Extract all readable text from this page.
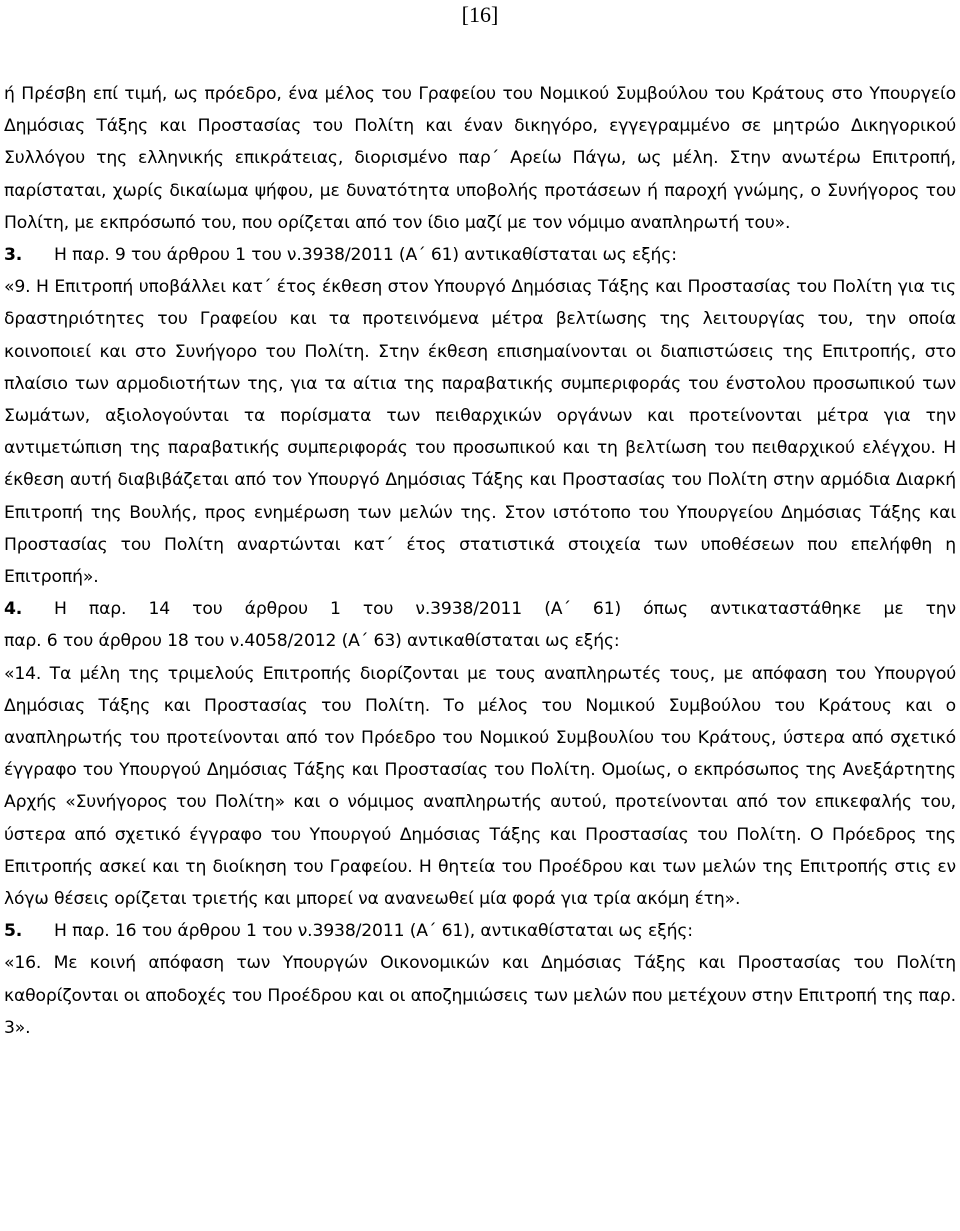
[16]

ή Πρέσβη επί τιμή, ως πρόεδρο, ένα μέλος του Γραφείου του Νομικού Συμβούλου του Κράτους στο Υπουργείο Δημόσιας Τάξης και Προστασίας του Πολίτη και έναν δικηγόρο, εγγεγραμμένο σε μητρώο Δικηγορικού Συλλόγου της ελληνικής επικράτειας, διορισμένο παρ΄ Αρείω Πάγω, ως μέλη. Στην ανωτέρω Επιτροπή, παρίσταται, χωρίς δικαίωμα ψήφου, με δυνατότητα υποβολής προτάσεων ή παροχή γνώμης, ο Συνήγορος του Πολίτη, με εκπρόσωπό του, που ορίζεται από τον ίδιο μαζί με τον νόμιμο αναπληρωτή του».

3.	Η παρ. 9 του άρθρου 1 του ν.3938/2011 (Α΄ 61) αντικαθίσταται ως εξής:

«9. Η Επιτροπή υποβάλλει κατ΄ έτος έκθεση στον Υπουργό Δημόσιας Τάξης και Προστασίας του Πολίτη για τις δραστηριότητες του Γραφείου και τα προτεινόμενα μέτρα βελτίωσης της λειτουργίας του, την οποία κοινοποιεί και στο Συνήγορο του Πολίτη. Στην έκθεση επισημαίνονται οι διαπιστώσεις της Επιτροπής, στο πλαίσιο των αρμοδιοτήτων της, για τα αίτια της παραβατικής συμπεριφοράς του ένστολου προσωπικού των Σωμάτων, αξιολογούνται τα πορίσματα των πειθαρχικών οργάνων και προτείνονται μέτρα για την αντιμετώπιση της παραβατικής συμπεριφοράς του προσωπικού και τη βελτίωση του πειθαρχικού ελέγχου. Η έκθεση αυτή διαβιβάζεται από τον Υπουργό Δημόσιας Τάξης και Προστασίας του Πολίτη στην αρμόδια Διαρκή Επιτροπή της Βουλής, προς ενημέρωση των μελών της. Στον ιστότοπο του Υπουργείου Δημόσιας Τάξης και Προστασίας του Πολίτη αναρτώνται κατ΄ έτος στατιστικά στοιχεία των υποθέσεων που επελήφθη η Επιτροπή».

4.	Η παρ. 14 του άρθρου 1 του ν.3938/2011 (Α΄ 61) όπως αντικαταστάθηκε με την

παρ. 6 του άρθρου 18 του ν.4058/2012 (Α΄ 63) αντικαθίσταται ως εξής:

«14. Τα μέλη της τριμελούς Επιτροπής διορίζονται με τους αναπληρωτές τους, με απόφαση του Υπουργού Δημόσιας Τάξης και Προστασίας του Πολίτη. Το μέλος του Νομικού Συμβούλου του Κράτους και ο αναπληρωτής του προτείνονται από τον Πρόεδρο του Νομικού Συμβουλίου του Κράτους, ύστερα από σχετικό έγγραφο του Υπουργού Δημόσιας Τάξης και Προστασίας του Πολίτη. Ομοίως, ο εκπρόσωπος της Ανεξάρτητης Αρχής «Συνήγορος του Πολίτη» και ο νόμιμος αναπληρωτής αυτού, προτείνονται από τον επικεφαλής του, ύστερα από σχετικό έγγραφο του Υπουργού Δημόσιας Τάξης και Προστασίας του Πολίτη. Ο Πρόεδρος της Επιτροπής ασκεί και τη διοίκηση του Γραφείου. Η θητεία του Προέδρου και των μελών της Επιτροπής στις εν λόγω θέσεις ορίζεται τριετής και μπορεί να ανανεωθεί μία φορά για τρία ακόμη έτη».

5.	Η παρ. 16 του άρθρου 1 του ν.3938/2011 (Α΄ 61), αντικαθίσταται ως εξής:

«16. Με κοινή απόφαση των Υπουργών Οικονομικών και Δημόσιας Τάξης και Προστασίας του Πολίτη καθορίζονται οι αποδοχές του Προέδρου και οι αποζημιώσεις των μελών που μετέχουν στην Επιτροπή της παρ. 3».
